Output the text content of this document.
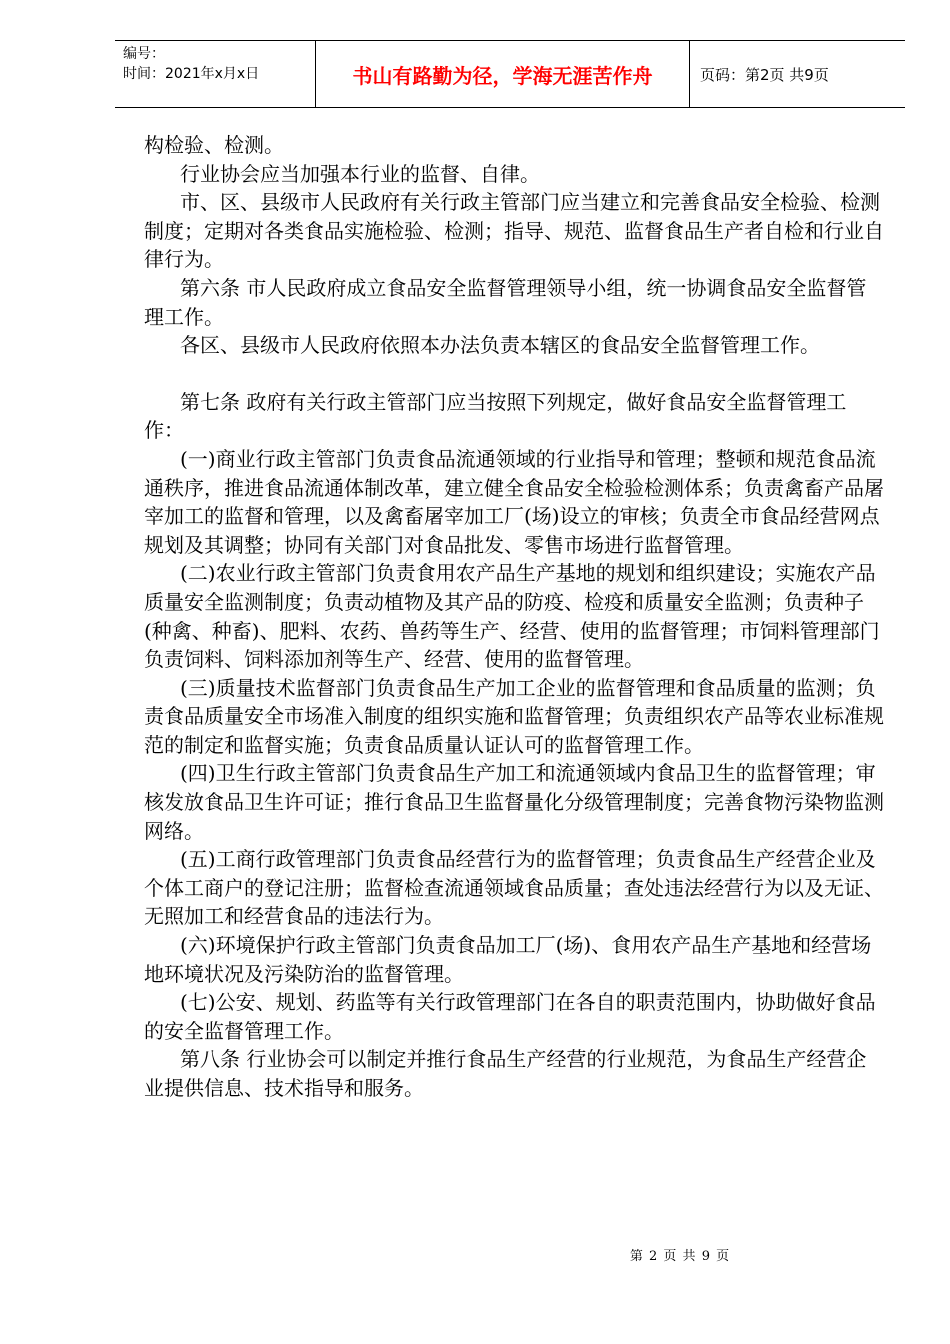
编号：
时间：2021年x月x日	书山有路勤为径，学海无涯苦作舟	页码：第2页 共9页

构检验、检测。

行业协会应当加强本行业的监督、自律。

市、区、县级市人民政府有关行政主管部门应当建立和完善食品安全检验、检测制度；定期对各类食品实施检验、检测；指导、规范、监督食品生产者自检和行业自律行为。

第六条 市人民政府成立食品安全监督管理领导小组，统一协调食品安全监督管理工作。

各区、县级市人民政府依照本办法负责本辖区的食品安全监督管理工作。

第七条 政府有关行政主管部门应当按照下列规定，做好食品安全监督管理工作：

(一)商业行政主管部门负责食品流通领域的行业指导和管理；整顿和规范食品流通秩序，推进食品流通体制改革，建立健全食品安全检验检测体系；负责禽畜产品屠宰加工的监督和管理，以及禽畜屠宰加工厂(场)设立的审核；负责全市食品经营网点规划及其调整；协同有关部门对食品批发、零售市场进行监督管理。

(二)农业行政主管部门负责食用农产品生产基地的规划和组织建设；实施农产品质量安全监测制度；负责动植物及其产品的防疫、检疫和质量安全监测；负责种子(种禽、种畜)、肥料、农药、兽药等生产、经营、使用的监督管理；市饲料管理部门负责饲料、饲料添加剂等生产、经营、使用的监督管理。

(三)质量技术监督部门负责食品生产加工企业的监督管理和食品质量的监测；负责食品质量安全市场准入制度的组织实施和监督管理；负责组织农产品等农业标准规范的制定和监督实施；负责食品质量认证认可的监督管理工作。

(四)卫生行政主管部门负责食品生产加工和流通领域内食品卫生的监督管理；审核发放食品卫生许可证；推行食品卫生监督量化分级管理制度；完善食物污染物监测网络。

(五)工商行政管理部门负责食品经营行为的监督管理；负责食品生产经营企业及个体工商户的登记注册；监督检查流通领域食品质量；查处违法经营行为以及无证、无照加工和经营食品的违法行为。

(六)环境保护行政主管部门负责食品加工厂(场)、食用农产品生产基地和经营场地环境状况及污染防治的监督管理。

(七)公安、规划、药监等有关行政管理部门在各自的职责范围内，协助做好食品的安全监督管理工作。

第八条 行业协会可以制定并推行食品生产经营的行业规范，为食品生产经营企业提供信息、技术指导和服务。

第 2 页 共 9 页
